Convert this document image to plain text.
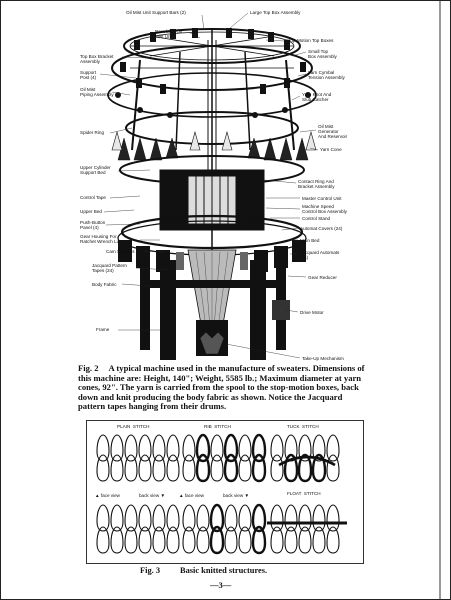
Oil Mist Unit Support Bars (2)
Revolving Oil
Mist Unit
Top Box Bracket
Assembly
Support
Post (4)
Oil Mist
Piping Assembly
Spider Ring
Upper Cylinder
Support Bed
Control Tape
Upper Bed
Push-Button
Panel (4)
Gear Housing For
Ratchet Wrench Lug
Cam Sections
Jacquard Pattern
Tapes (24)
Body Fabric
Frame
Large Top Box Assembly
Stop-Motion Top Boxes
Small Top
Box Assembly
Yarn Cymbal
Tension Assembly
Yarn Knot And
Slub Catcher
Oil Mist
Generator
And Reservoir
Yarn Cone
Contact Ring And
Bracket Assembly
Master Control Unit
Machine Speed
Control Box Assembly
Control Stand
Automat Covers (24)
Main Bed
Jacquard Automats
(24)
Gear Reducer
Drive Motor
Take-Up Mechanism
Fig. 2 A typical machine used in the manufacture of sweaters. Dimensions of this machine are: Height, 140"; Weight, 5585 lb.; Maximum diameter at yarn cones, 92". The yarn is carried from the spool to the stop-motion boxes, back down and knit producing the body fabric as shown. Notice the Jacquard pattern tapes hanging from their drums.
PLAIN  STITCH	RIB  STITCH	TUCK  STITCH
FLOAT  STITCH
▲ face view	back view ▼	▲ face view	back view ▼
Fig. 3 Basic knitted structures.
—3—
